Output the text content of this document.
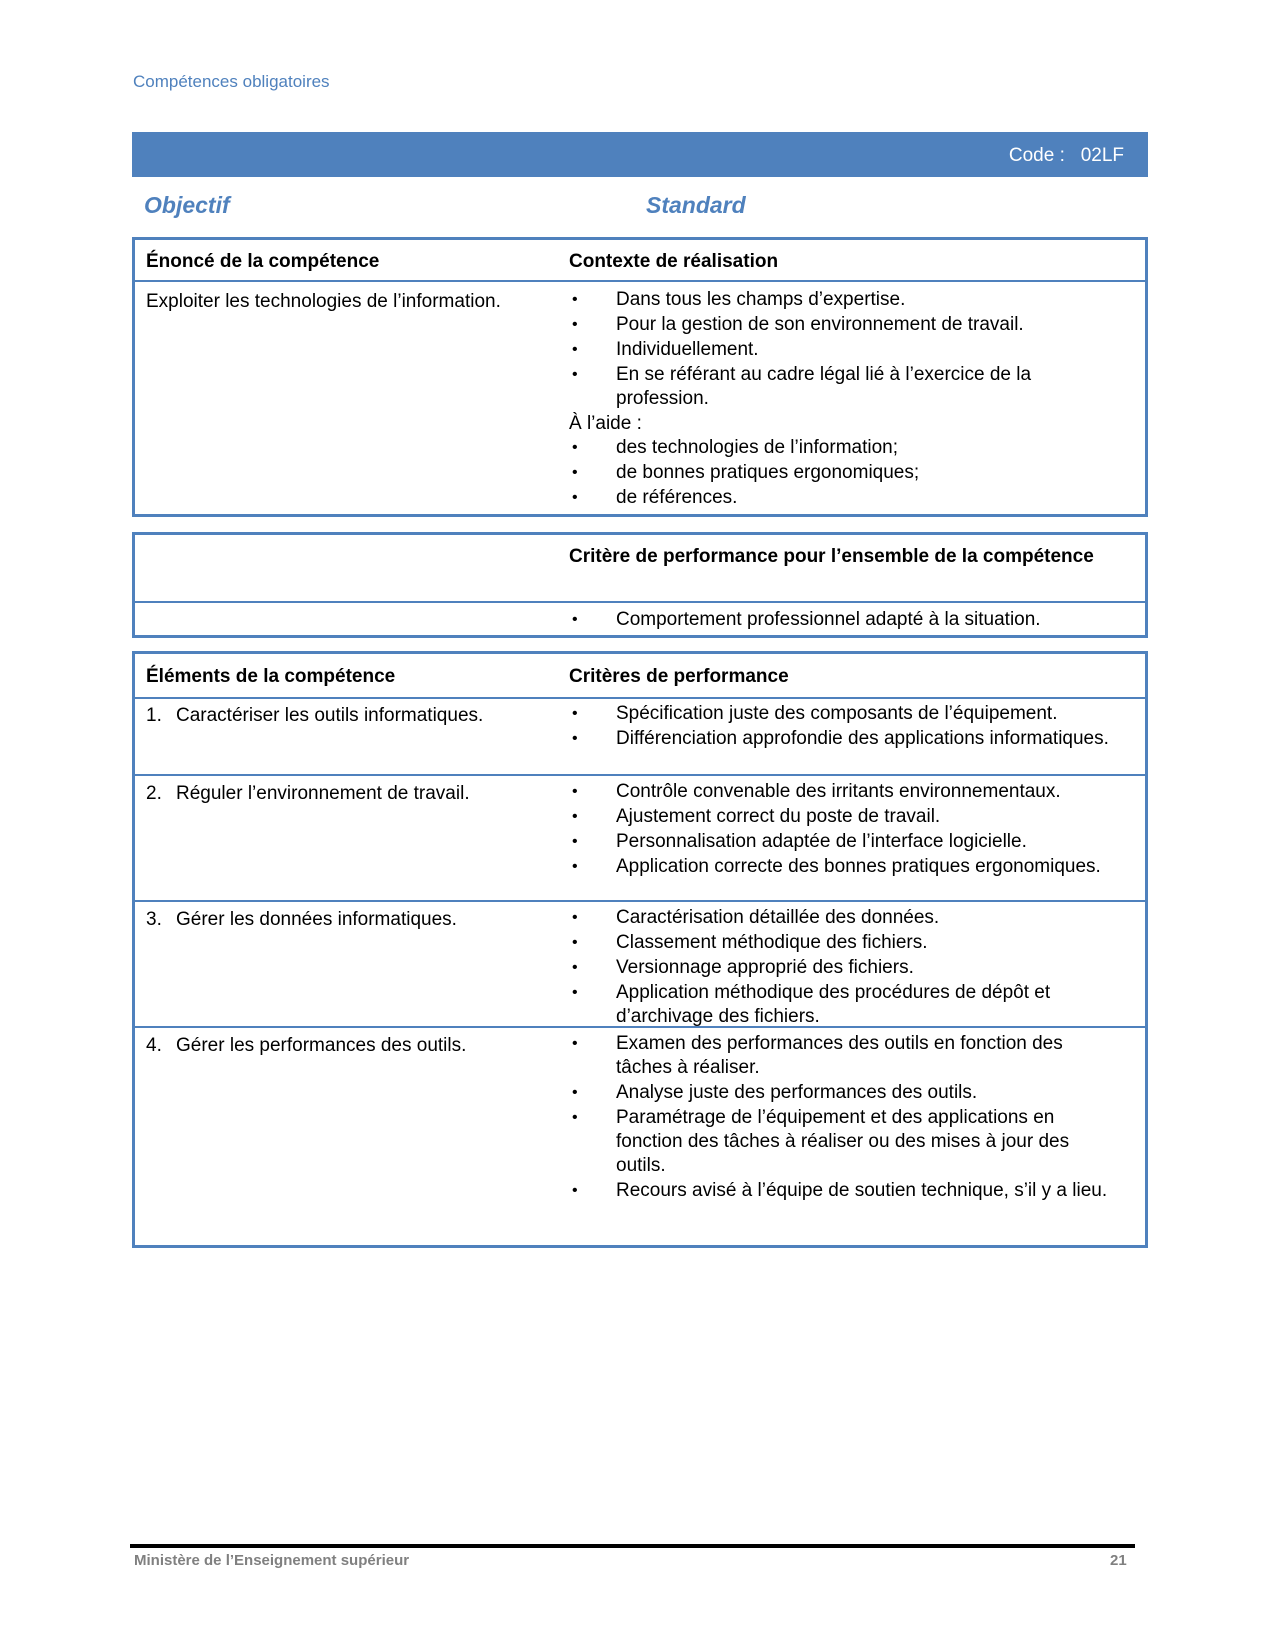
Compétences obligatoires
Code :   02LF
Objectif	Standard
Énoncé de la compétence	Contexte de réalisation
Exploiter les technologies de l’information.	• Dans tous les champs d’expertise.
• Pour la gestion de son environnement de travail.
• Individuellement.
• En se référant au cadre légal lié à l’exercice de la profession.
À l’aide :
• des technologies de l’information;
• de bonnes pratiques ergonomiques;
• de références.
Critère de performance pour l’ensemble de la compétence
• Comportement professionnel adapté à la situation.
Éléments de la compétence	Critères de performance
1. Caractériser les outils informatiques.	• Spécification juste des composants de l’équipement.
• Différenciation approfondie des applications informatiques.
2. Réguler l’environnement de travail.	• Contrôle convenable des irritants environnementaux.
• Ajustement correct du poste de travail.
• Personnalisation adaptée de l’interface logicielle.
• Application correcte des bonnes pratiques ergonomiques.
3. Gérer les données informatiques.	• Caractérisation détaillée des données.
• Classement méthodique des fichiers.
• Versionnage approprié des fichiers.
• Application méthodique des procédures de dépôt et d’archivage des fichiers.
4. Gérer les performances des outils.	• Examen des performances des outils en fonction des tâches à réaliser.
• Analyse juste des performances des outils.
• Paramétrage de l’équipement et des applications en fonction des tâches à réaliser ou des mises à jour des outils.
• Recours avisé à l’équipe de soutien technique, s’il y a lieu.
Ministère de l’Enseignement supérieur	21
